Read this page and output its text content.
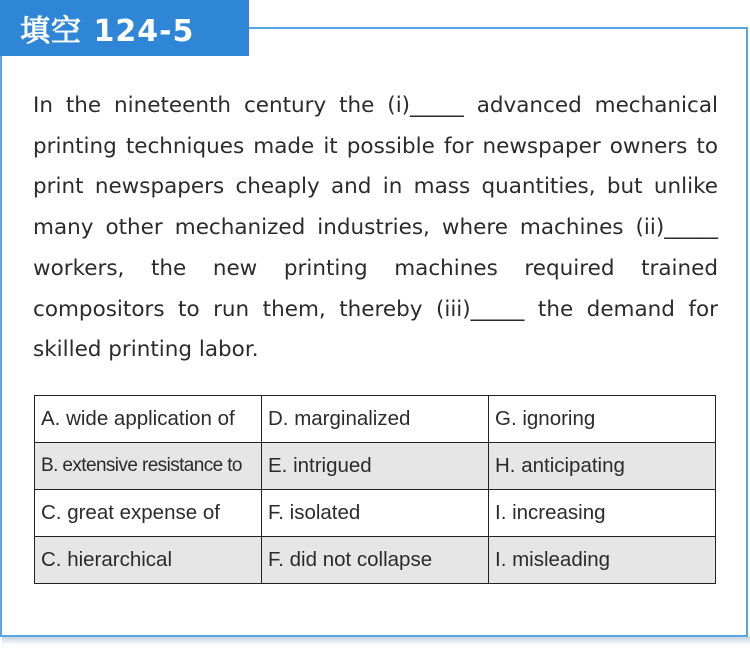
填空 124-5

In the nineteenth century the (i)_____ advanced mechanical printing techniques made it possible for newspaper owners to print newspapers cheaply and in mass quantities, but unlike many other mechanized industries, where machines (ii)_____ workers, the new printing machines required trained compositors to run them, thereby (iii)_____ the demand for skilled printing labor.

A. wide application of	D. marginalized	G. ignoring
B. extensive resistance to	E. intrigued	H. anticipating
C. great expense of	F. isolated	I. increasing
C. hierarchical	F. did not collapse	I. misleading
